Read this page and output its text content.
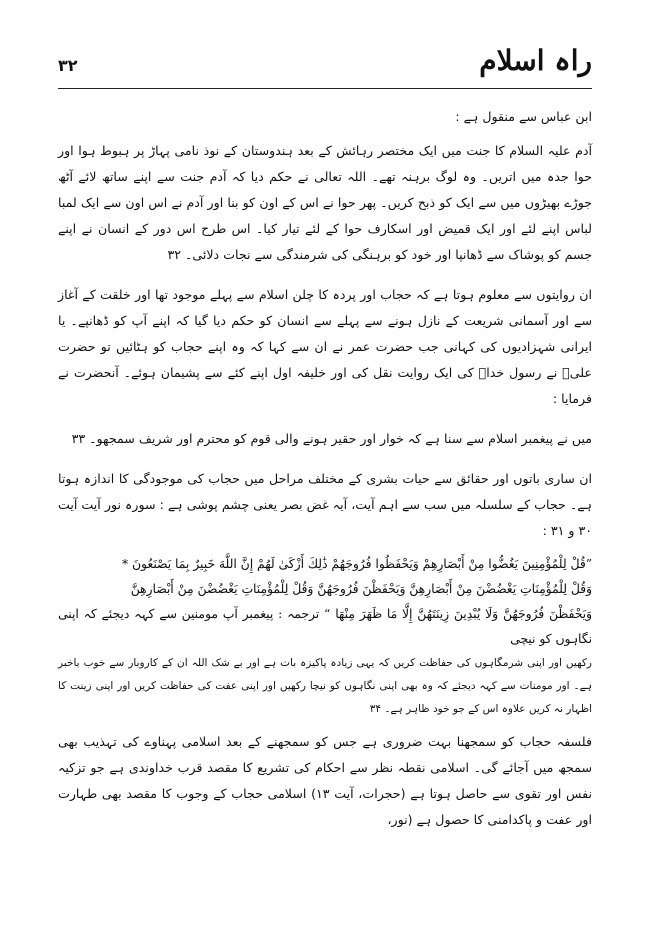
۳۲	راہ اسلام

ابن عباس سے منقول ہے :

آدم علیہ السلام کا جنت میں ایک مختصر رہائش کے بعد ہندوستان کے نوذ نامی پہاڑ پر ہبوط ہوا اور حوا جدہ میں اتریں۔ وہ لوگ برہنہ تھے۔ اللہ تعالی نے حکم دیا کہ آدم جنت سے اپنے ساتھ لائے آٹھ جوڑے بھیڑوں میں سے ایک کو ذبح کریں۔ پھر حوا نے اس کے اون کو بنا اور آدم نے اس اون سے ایک لمبا لباس اپنے لئے اور ایک قمیض اور اسکارف حوا کے لئے تیار کیا۔ اس طرح اس دور کے انسان نے اپنے جسم کو پوشاک سے ڈھانپا اور خود کو برہنگی کی شرمندگی سے نجات دلائی۔ ۳۲

ان روایتوں سے معلوم ہوتا ہے کہ حجاب اور پردہ کا چلن اسلام سے پہلے موجود تھا اور خلقت کے آغاز سے اور آسمانی شریعت کے نازل ہونے سے پہلے سے انسان کو حکم دیا گیا کہ اپنے آپ کو ڈھانپے۔ یا ایرانی شہزادیوں کی کہانی جب حضرت عمر نے ان سے کہا کہ وہ اپنے حجاب کو ہٹائیں تو حضرت علیؑ نے رسول خداؐ کی ایک روایت نقل کی اور خلیفہ اول اپنے کئے سے پشیمان ہوئے۔ آنحضرت نے فرمایا :

میں نے پیغمبر اسلام سے سنا ہے کہ خوار اور حقیر ہونے والی قوم کو محترم اور شریف سمجھو۔ ۳۳

ان ساری باتوں اور حقائق سے حیات بشری کے مختلف مراحل میں حجاب کی موجودگی کا اندازہ ہوتا ہے۔ حجاب کے سلسلہ میں سب سے اہم آیت، آیہ غض بصر یعنی چشم پوشی ہے : سورہ نور آیت آیت ۳۰ و ۳۱ :

”قُلْ لِلْمُؤْمِنِينَ يَغُضُّوا مِنْ أَبْصَارِهِمْ وَيَحْفَظُوا فُرُوجَهُمْ ذَٰلِكَ أَزْكَىٰ لَهُمْ إِنَّ اللَّهَ خَبِيرٌ بِمَا يَصْنَعُونَ *

وَقُلْ لِلْمُؤْمِنَاتِ يَغْضُضْنَ مِنْ أَبْصَارِهِنَّ وَيَحْفَظْنَ فُرُوجَهُنَّ وَقُلْ لِلْمُؤْمِنَاتِ يَغْضُضْنَ مِنْ أَبْصَارِهِنَّ

وَيَحْفَظْنَ فُرُوجَهُنَّ وَلَا يُبْدِينَ زِينَتَهُنَّ إِلَّا مَا ظَهَرَ مِنْهَا “ ترجمہ : پیغمبر آپ مومنین سے کہہ دیجئے کہ اپنی نگاہوں کو نیچی

رکھیں اور اپنی شرمگاہوں کی حفاظت کریں کہ یہی زیادہ پاکیزہ بات ہے اور بے شک اللہ ان کے کاروبار سے خوب باخبر ہے۔ اور مومنات سے کہہ دیجئے کہ وہ بھی اپنی نگاہوں کو نیچا رکھیں اور اپنی عفت کی حفاظت کریں اور اپنی زینت کا اظہار نہ کریں علاوہ اس کے جو خود ظاہر ہے۔ ۳۴

فلسفہ حجاب کو سمجھنا بہت ضروری ہے جس کو سمجھنے کے بعد اسلامی پہناوے کی تہذیب بھی سمجھ میں آجائے گی۔ اسلامی نقطہ نظر سے احکام کی تشریع کا مقصد قرب خداوندی ہے جو تزکیہ نفس اور تقوی سے حاصل ہوتا ہے (حجرات، آیت ۱۳) اسلامی حجاب کے وجوب کا مقصد بھی طہارت اور عفت و پاکدامنی کا حصول ہے (نور،
